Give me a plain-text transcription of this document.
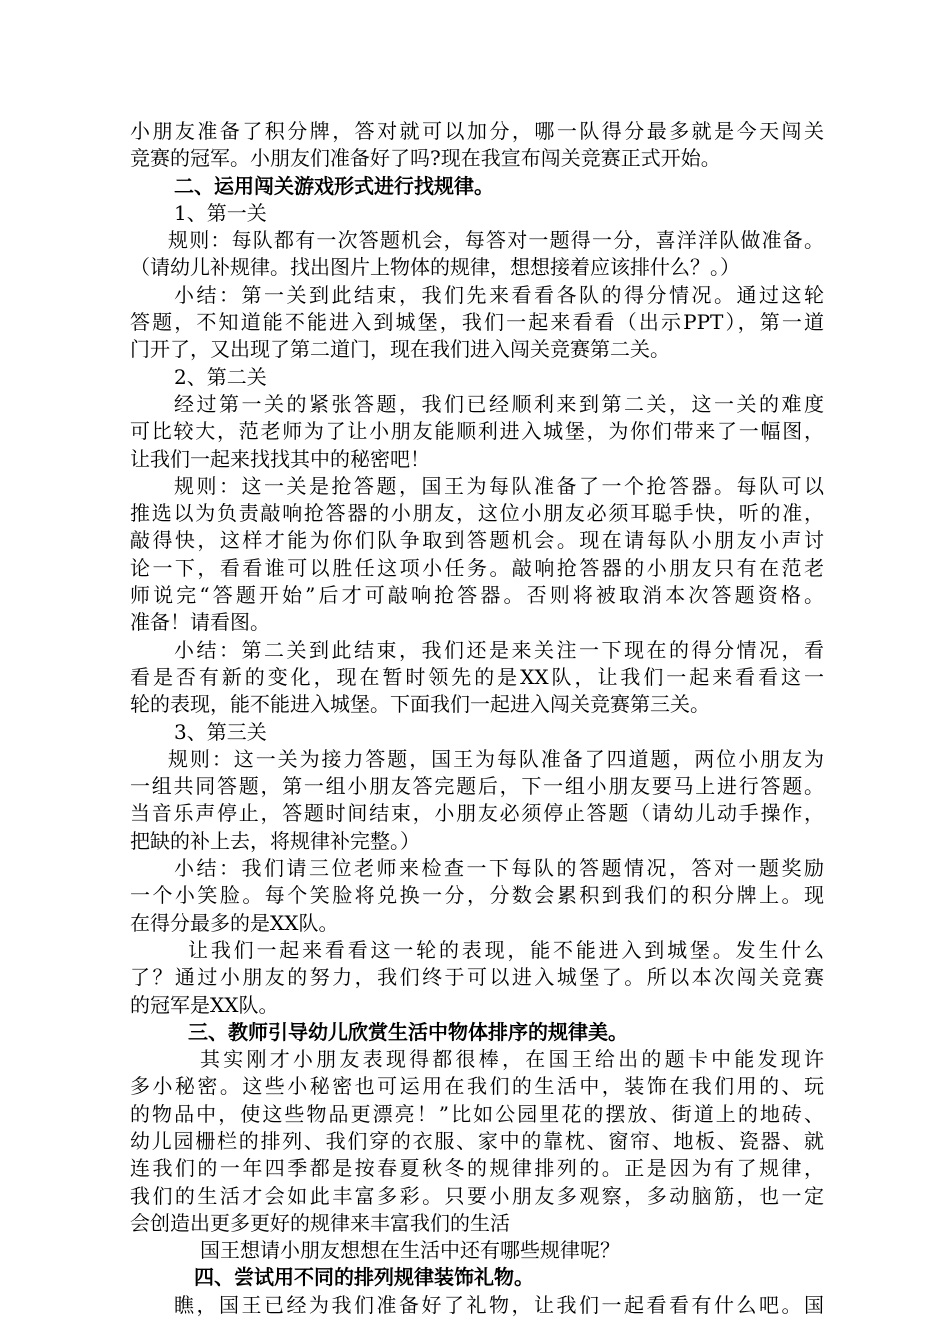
小朋友准备了积分牌，答对就可以加分，哪一队得分最多就是今天闯关
竞赛的冠军。小朋友们准备好了吗?现在我宣布闯关竞赛正式开始。
二、运用闯关游戏形式进行找规律。
1、第一关
规则：每队都有一次答题机会，每答对一题得一分，喜洋洋队做准备。
（请幼儿补规律。找出图片上物体的规律，想想接着应该排什么？。）
小结：第一关到此结束，我们先来看看各队的得分情况。通过这轮
答题，不知道能不能进入到城堡，我们一起来看看（出示PPT），第一道
门开了，又出现了第二道门，现在我们进入闯关竞赛第二关。
2、第二关
经过第一关的紧张答题，我们已经顺利来到第二关，这一关的难度
可比较大，范老师为了让小朋友能顺利进入城堡，为你们带来了一幅图，
让我们一起来找找其中的秘密吧！
规则：这一关是抢答题，国王为每队准备了一个抢答器。每队可以
推选以为负责敲响抢答器的小朋友，这位小朋友必须耳聪手快，听的准，
敲得快，这样才能为你们队争取到答题机会。现在请每队小朋友小声讨
论一下，看看谁可以胜任这项小任务。敲响抢答器的小朋友只有在范老
师说完“答题开始”后才可敲响抢答器。否则将被取消本次答题资格。
准备！请看图。
小结：第二关到此结束，我们还是来关注一下现在的得分情况，看
看是否有新的变化，现在暂时领先的是XX队，让我们一起来看看这一
轮的表现，能不能进入城堡。下面我们一起进入闯关竞赛第三关。
3、第三关
规则：这一关为接力答题，国王为每队准备了四道题，两位小朋友为
一组共同答题，第一组小朋友答完题后，下一组小朋友要马上进行答题。
当音乐声停止，答题时间结束，小朋友必须停止答题（请幼儿动手操作，
把缺的补上去，将规律补完整。）
小结：我们请三位老师来检查一下每队的答题情况，答对一题奖励
一个小笑脸。每个笑脸将兑换一分，分数会累积到我们的积分牌上。现
在得分最多的是XX队。
让我们一起来看看这一轮的表现，能不能进入到城堡。发生什么
了？通过小朋友的努力，我们终于可以进入城堡了。所以本次闯关竞赛
的冠军是XX队。
三、教师引导幼儿欣赏生活中物体排序的规律美。
其实刚才小朋友表现得都很棒，在国王给出的题卡中能发现许
多小秘密。这些小秘密也可运用在我们的生活中，装饰在我们用的、玩
的物品中，使这些物品更漂亮！”比如公园里花的摆放、街道上的地砖、
幼儿园栅栏的排列、我们穿的衣服、家中的靠枕、窗帘、地板、瓷器、就
连我们的一年四季都是按春夏秋冬的规律排列的。正是因为有了规律，
我们的生活才会如此丰富多彩。只要小朋友多观察，多动脑筋，也一定
会创造出更多更好的规律来丰富我们的生活
国王想请小朋友想想在生活中还有哪些规律呢？
四、尝试用不同的排列规律装饰礼物。
瞧，国王已经为我们准备好了礼物，让我们一起看看有什么吧。国
